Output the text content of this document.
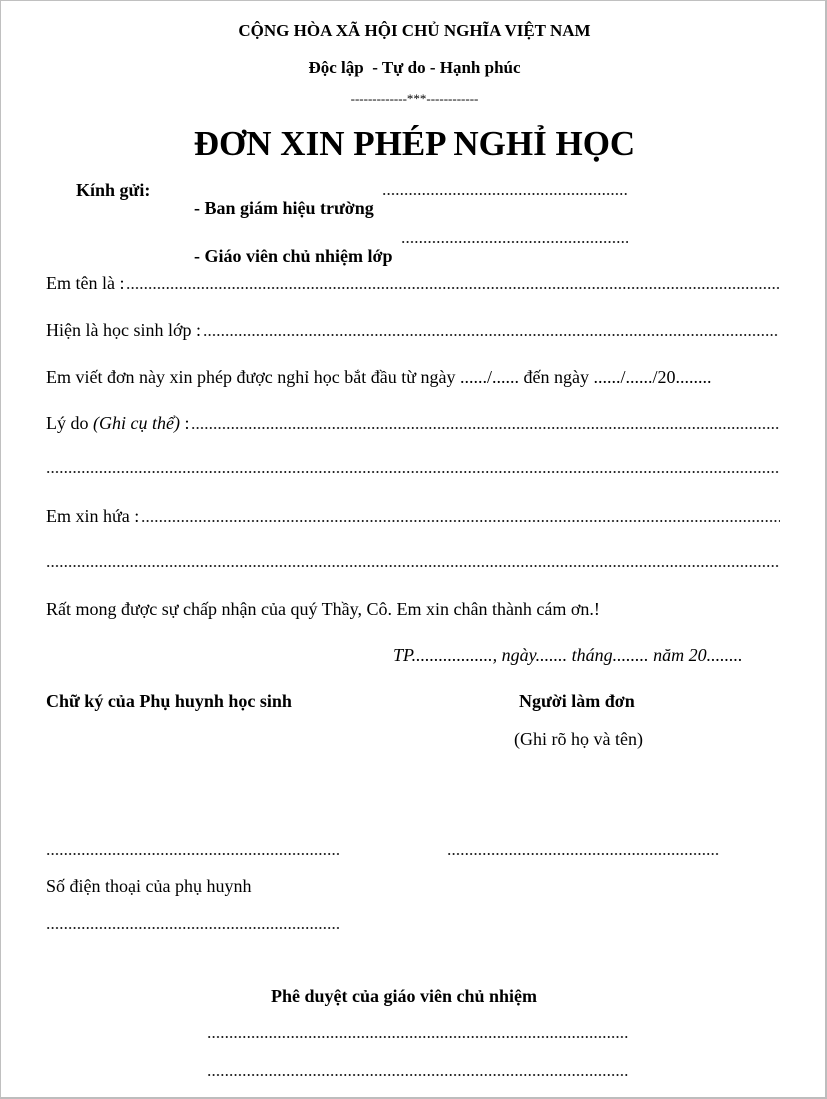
CỘNG HÒA XÃ HỘI CHỦ NGHĨA VIỆT NAM
Độc lập  - Tự do - Hạnh phúc
-------------***------------
ĐƠN XIN PHÉP NGHỈ HỌC
Kính gửi:

- Ban giám hiệu trường

- Giáo viên chủ nhiệm lớp

Em tên là :
Hiện là học sinh lớp :
Em viết đơn này xin phép được nghỉ học bắt đầu từ ngày ....../...... đến ngày ....../....../20........
Lý do (Ghi cụ thể) :
Em xin hứa :
Rất mong được sự chấp nhận của quý Thầy, Cô. Em xin chân thành cám ơn.!
TP.................., ngày....... tháng........ năm 20........
Chữ ký của Phụ huynh học sinh	Người làm đơn
(Ghi rõ họ và tên)
Số điện thoại của phụ huynh
Phê duyệt của giáo viên chủ nhiệm
